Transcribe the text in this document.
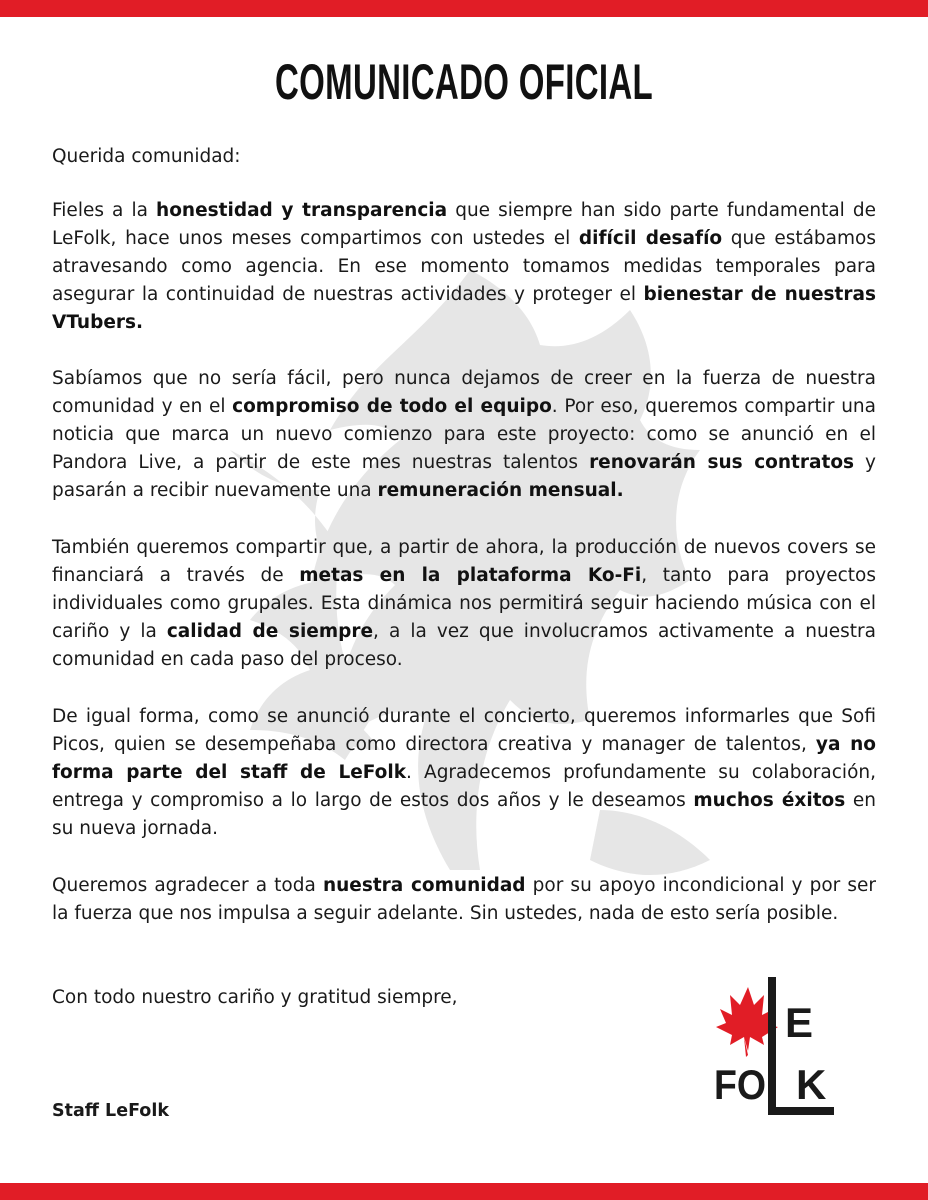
COMUNICADO OFICIAL

Querida comunidad:

Fieles a la honestidad y transparencia que siempre han sido parte fundamental de LeFolk, hace unos meses compartimos con ustedes el difícil desafío que estábamos atravesando como agencia. En ese momento tomamos medidas temporales para asegurar la continuidad de nuestras actividades y proteger el bienestar de nuestras VTubers.

Sabíamos que no sería fácil, pero nunca dejamos de creer en la fuerza de nuestra comunidad y en el compromiso de todo el equipo. Por eso, queremos compartir una noticia que marca un nuevo comienzo para este proyecto: como se anunció en el Pandora Live, a partir de este mes nuestras talentos renovarán sus contratos y pasarán a recibir nuevamente una remuneración mensual.

También queremos compartir que, a partir de ahora, la producción de nuevos covers se financiará a través de metas en la plataforma Ko-Fi, tanto para proyectos individuales como grupales. Esta dinámica nos permitirá seguir haciendo música con el cariño y la calidad de siempre, a la vez que involucramos activamente a nuestra comunidad en cada paso del proceso.

De igual forma, como se anunció durante el concierto, queremos informarles que Sofi Picos, quien se desempeñaba como directora creativa y manager de talentos, ya no forma parte del staff de LeFolk. Agradecemos profundamente su colaboración, entrega y compromiso a lo largo de estos dos años y le deseamos muchos éxitos en su nueva jornada.

Queremos agradecer a toda nuestra comunidad por su apoyo incondicional y por ser la fuerza que nos impulsa a seguir adelante. Sin ustedes, nada de esto sería posible.

Con todo nuestro cariño y gratitud siempre,

Staff LeFolk
E
FO K
